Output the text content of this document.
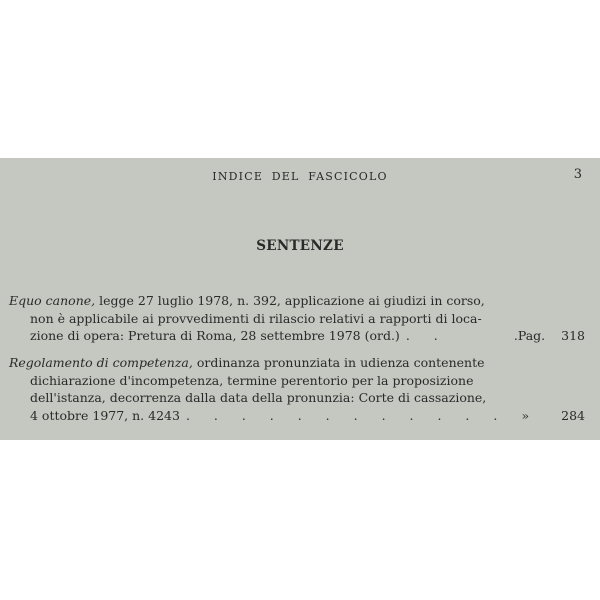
INDICE DEL FASCICOLO	3
SENTENZE
Equo canone, legge 27 luglio 1978, n. 392, applicazione ai giudizi in corso,
non è applicabile ai provvedimenti di rilascio relativi a rapporti di loca-
zione di opera: Pretura di Roma, 28 settembre 1978 (ord.) . .	.Pag. 318
Regolamento di competenza, ordinanza pronunziata in udienza contenente
dichiarazione d'incompetenza, termine perentorio per la proposizione
dell'istanza, decorrenza dalla data della pronunzia: Corte di cassazione,
4 ottobre 1977, n. 4243 . . . . . . . . . . . .	»	284
